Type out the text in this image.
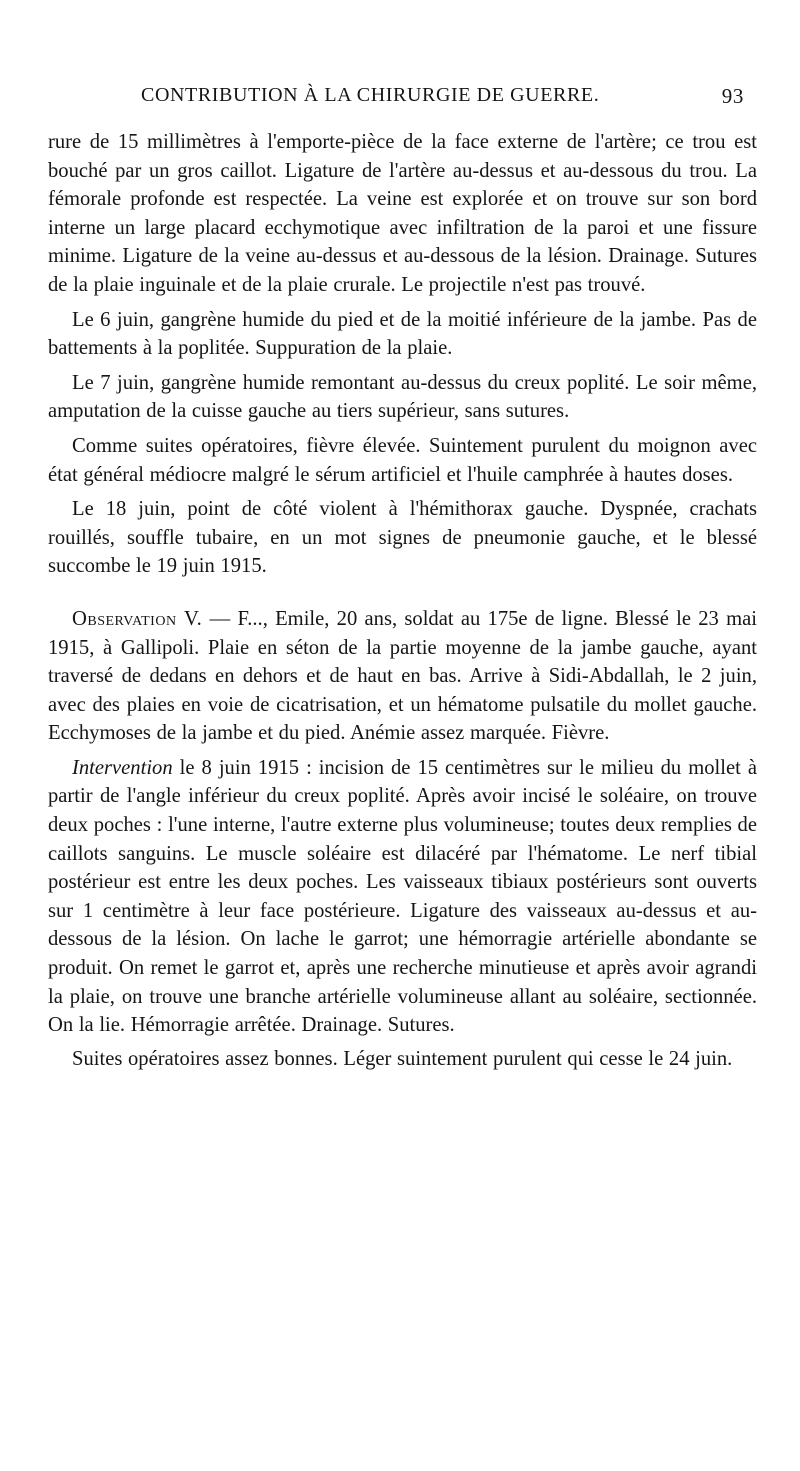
CONTRIBUTION À LA CHIRURGIE DE GUERRE.	93

rure de 15 millimètres à l'emporte-pièce de la face externe de l'artère; ce trou est bouché par un gros caillot. Ligature de l'artère au-dessus et au-dessous du trou. La fémorale profonde est respectée. La veine est explorée et on trouve sur son bord interne un large placard ecchymotique avec infiltration de la paroi et une fissure minime. Ligature de la veine au-dessus et au-dessous de la lésion. Drainage. Sutures de la plaie inguinale et de la plaie crurale. Le projectile n'est pas trouvé.

Le 6 juin, gangrène humide du pied et de la moitié inférieure de la jambe. Pas de battements à la poplitée. Suppuration de la plaie.

Le 7 juin, gangrène humide remontant au-dessus du creux poplité. Le soir même, amputation de la cuisse gauche au tiers supérieur, sans sutures.

Comme suites opératoires, fièvre élevée. Suintement purulent du moignon avec état général médiocre malgré le sérum artificiel et l'huile camphrée à hautes doses.

Le 18 juin, point de côté violent à l'hémithorax gauche. Dyspnée, crachats rouillés, souffle tubaire, en un mot signes de pneumonie gauche, et le blessé succombe le 19 juin 1915.

Observation V. — F..., Emile, 20 ans, soldat au 175e de ligne. Blessé le 23 mai 1915, à Gallipoli. Plaie en séton de la partie moyenne de la jambe gauche, ayant traversé de dedans en dehors et de haut en bas. Arrive à Sidi-Abdallah, le 2 juin, avec des plaies en voie de cicatrisation, et un hématome pulsatile du mollet gauche. Ecchymoses de la jambe et du pied. Anémie assez marquée. Fièvre.

Intervention le 8 juin 1915 : incision de 15 centimètres sur le milieu du mollet à partir de l'angle inférieur du creux poplité. Après avoir incisé le soléaire, on trouve deux poches : l'une interne, l'autre externe plus volumineuse; toutes deux remplies de caillots sanguins. Le muscle soléaire est dilacéré par l'hématome. Le nerf tibial postérieur est entre les deux poches. Les vaisseaux tibiaux postérieurs sont ouverts sur 1 centimètre à leur face postérieure. Ligature des vaisseaux au-dessus et au-dessous de la lésion. On lache le garrot; une hémorragie artérielle abondante se produit. On remet le garrot et, après une recherche minutieuse et après avoir agrandi la plaie, on trouve une branche artérielle volumineuse allant au soléaire, sectionnée. On la lie. Hémorragie arrêtée. Drainage. Sutures.

Suites opératoires assez bonnes. Léger suintement purulent qui cesse le 24 juin.
